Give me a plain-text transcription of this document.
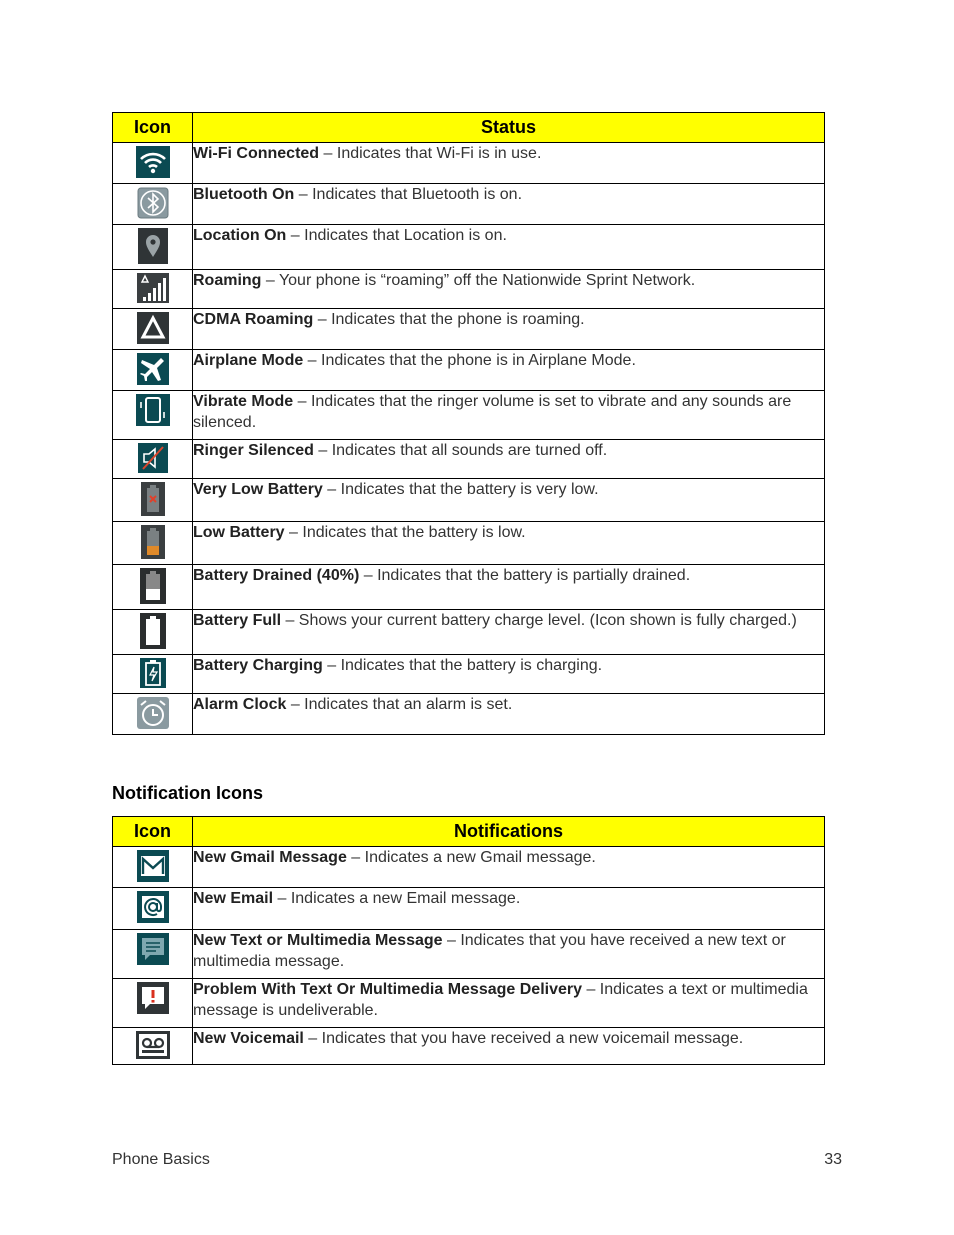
Icon	Status

	Wi-Fi Connected – Indicates that Wi-Fi is in use.

	Bluetooth On – Indicates that Bluetooth is on.

	Location On – Indicates that Location is on.

	Roaming – Your phone is “roaming” off the Nationwide Sprint Network.

	CDMA Roaming – Indicates that the phone is roaming.

	Airplane Mode – Indicates that the phone is in Airplane Mode.

	Vibrate Mode – Indicates that the ringer volume is set to vibrate and any sounds are silenced.

	Ringer Silenced – Indicates that all sounds are turned off.

	Very Low Battery – Indicates that the battery is very low.

	Low Battery – Indicates that the battery is low.

	Battery Drained (40%) – Indicates that the battery is partially drained.

	Battery Full – Shows your current battery charge level. (Icon shown is fully charged.)

	Battery Charging – Indicates that the battery is charging.

	Alarm Clock – Indicates that an alarm is set.
Notification Icons
Icon	Notifications

	New Gmail Message – Indicates a new Gmail message.

	New Email – Indicates a new Email message.

	New Text or Multimedia Message – Indicates that you have received a new text or multimedia message.

	Problem With Text Or Multimedia Message Delivery – Indicates a text or multimedia message is undeliverable.

	New Voicemail – Indicates that you have received a new voicemail message.
Phone Basics	33
